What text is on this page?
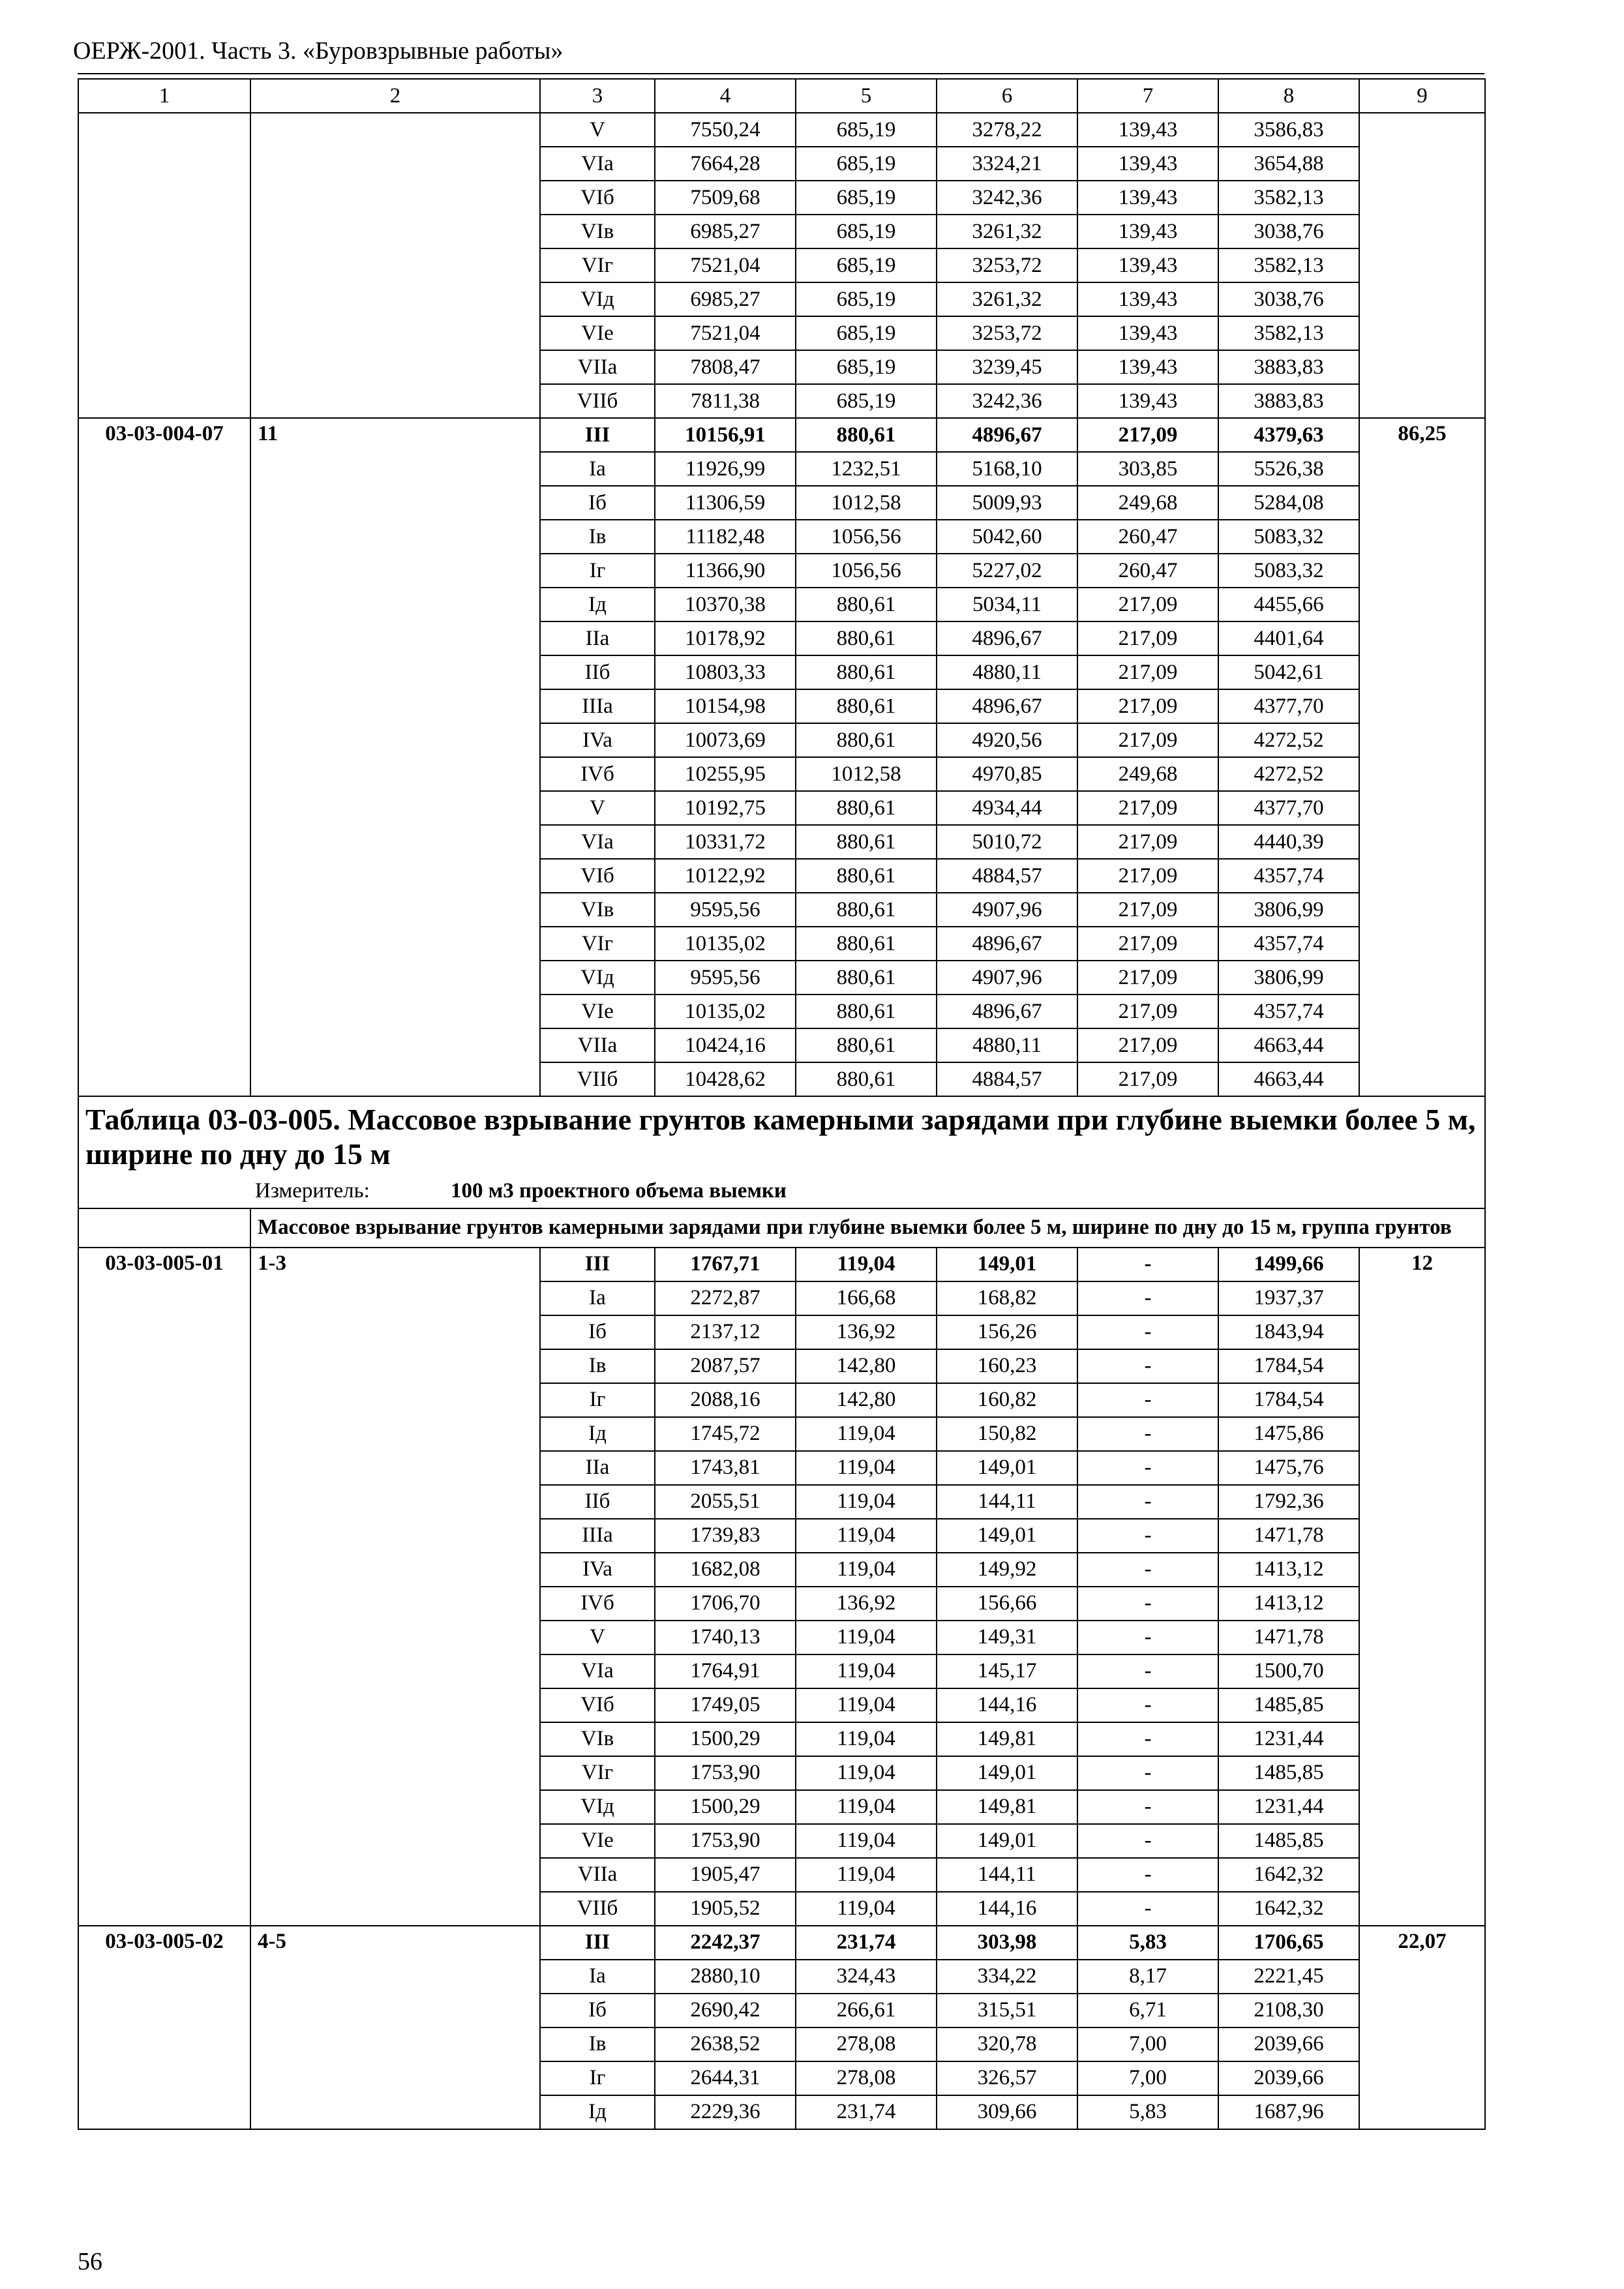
ОЕРЖ-2001. Часть 3. «Буровзрывные работы»
1	2	3	4	5	6	7	8	9
		V	7550,24	685,19	3278,22	139,43	3586,83	
		VIa	7664,28	685,19	3324,21	139,43	3654,88	
		VIб	7509,68	685,19	3242,36	139,43	3582,13	
		VIв	6985,27	685,19	3261,32	139,43	3038,76	
		VIг	7521,04	685,19	3253,72	139,43	3582,13	
		VIд	6985,27	685,19	3261,32	139,43	3038,76	
		VIe	7521,04	685,19	3253,72	139,43	3582,13	
		VIIa	7808,47	685,19	3239,45	139,43	3883,83	
		VIIб	7811,38	685,19	3242,36	139,43	3883,83	
03-03-004-07	11	III	10156,91	880,61	4896,67	217,09	4379,63	86,25
		Ia	11926,99	1232,51	5168,10	303,85	5526,38	
		Iб	11306,59	1012,58	5009,93	249,68	5284,08	
		Iв	11182,48	1056,56	5042,60	260,47	5083,32	
		Iг	11366,90	1056,56	5227,02	260,47	5083,32	
		Iд	10370,38	880,61	5034,11	217,09	4455,66	
		IIa	10178,92	880,61	4896,67	217,09	4401,64	
		IIб	10803,33	880,61	4880,11	217,09	5042,61	
		IIIa	10154,98	880,61	4896,67	217,09	4377,70	
		IVa	10073,69	880,61	4920,56	217,09	4272,52	
		IVб	10255,95	1012,58	4970,85	249,68	4272,52	
		V	10192,75	880,61	4934,44	217,09	4377,70	
		VIa	10331,72	880,61	5010,72	217,09	4440,39	
		VIб	10122,92	880,61	4884,57	217,09	4357,74	
		VIв	9595,56	880,61	4907,96	217,09	3806,99	
		VIг	10135,02	880,61	4896,67	217,09	4357,74	
		VIд	9595,56	880,61	4907,96	217,09	3806,99	
		VIe	10135,02	880,61	4896,67	217,09	4357,74	
		VIIa	10424,16	880,61	4880,11	217,09	4663,44	
		VIIб	10428,62	880,61	4884,57	217,09	4663,44	

Таблица 03-03-005. Массовое взрывание грунтов камерными зарядами при глубине выемки более 5 м, ширине по дну до 15 м
Измеритель: 100 м3 проектного объема выемки								

	Массовое взрывание грунтов камерными зарядами при глубине выемки более 5 м, ширине по дну до 15 м, группа грунтов							
03-03-005-01	1-3	III	1767,71	119,04	149,01	-	1499,66	12
		Ia	2272,87	166,68	168,82	-	1937,37	
		Iб	2137,12	136,92	156,26	-	1843,94	
		Iв	2087,57	142,80	160,23	-	1784,54	
		Iг	2088,16	142,80	160,82	-	1784,54	
		Iд	1745,72	119,04	150,82	-	1475,86	
		IIa	1743,81	119,04	149,01	-	1475,76	
		IIб	2055,51	119,04	144,11	-	1792,36	
		IIIa	1739,83	119,04	149,01	-	1471,78	
		IVa	1682,08	119,04	149,92	-	1413,12	
		IVб	1706,70	136,92	156,66	-	1413,12	
		V	1740,13	119,04	149,31	-	1471,78	
		VIa	1764,91	119,04	145,17	-	1500,70	
		VIб	1749,05	119,04	144,16	-	1485,85	
		VIв	1500,29	119,04	149,81	-	1231,44	
		VIг	1753,90	119,04	149,01	-	1485,85	
		VIд	1500,29	119,04	149,81	-	1231,44	
		VIe	1753,90	119,04	149,01	-	1485,85	
		VIIa	1905,47	119,04	144,11	-	1642,32	
		VIIб	1905,52	119,04	144,16	-	1642,32	
03-03-005-02	4-5	III	2242,37	231,74	303,98	5,83	1706,65	22,07
		Ia	2880,10	324,43	334,22	8,17	2221,45	
		Iб	2690,42	266,61	315,51	6,71	2108,30	
		Iв	2638,52	278,08	320,78	7,00	2039,66	
		Iг	2644,31	278,08	326,57	7,00	2039,66	
		Iд	2229,36	231,74	309,66	5,83	1687,96	
56
